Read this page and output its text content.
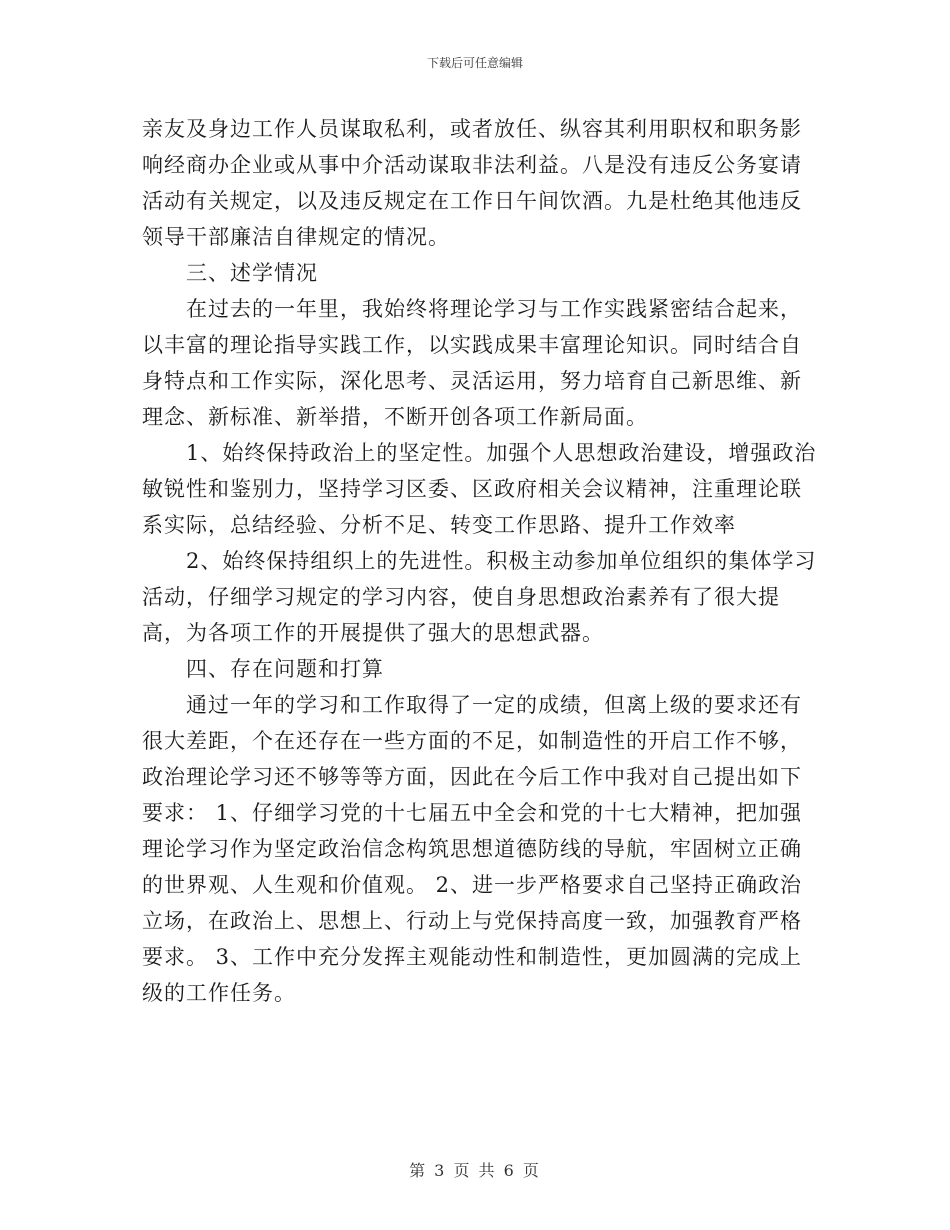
下载后可任意编辑

亲友及身边工作人员谋取私利，或者放任、纵容其利用职权和职务影响经商办企业或从事中介活动谋取非法利益。八是没有违反公务宴请活动有关规定，以及违反规定在工作日午间饮酒。九是杜绝其他违反领导干部廉洁自律规定的情况。

三、述学情况

在过去的一年里，我始终将理论学习与工作实践紧密结合起来，以丰富的理论指导实践工作，以实践成果丰富理论知识。同时结合自身特点和工作实际，深化思考、灵活运用，努力培育自己新思维、新理念、新标准、新举措，不断开创各项工作新局面。

1、始终保持政治上的坚定性。加强个人思想政治建设，增强政治敏锐性和鉴别力，坚持学习区委、区政府相关会议精神，注重理论联系实际，总结经验、分析不足、转变工作思路、提升工作效率

2、始终保持组织上的先进性。积极主动参加单位组织的集体学习活动，仔细学习规定的学习内容，使自身思想政治素养有了很大提高，为各项工作的开展提供了强大的思想武器。

四、存在问题和打算

通过一年的学习和工作取得了一定的成绩，但离上级的要求还有很大差距，个在还存在一些方面的不足，如制造性的开启工作不够，政治理论学习还不够等等方面，因此在今后工作中我对自己提出如下要求： 1、仔细学习党的十七届五中全会和党的十七大精神，把加强理论学习作为坚定政治信念构筑思想道德防线的导航，牢固树立正确的世界观、人生观和价值观。 2、进一步严格要求自己坚持正确政治立场，在政治上、思想上、行动上与党保持高度一致，加强教育严格要求。 3、工作中充分发挥主观能动性和制造性，更加圆满的完成上级的工作任务。

第 3 页 共 6 页
